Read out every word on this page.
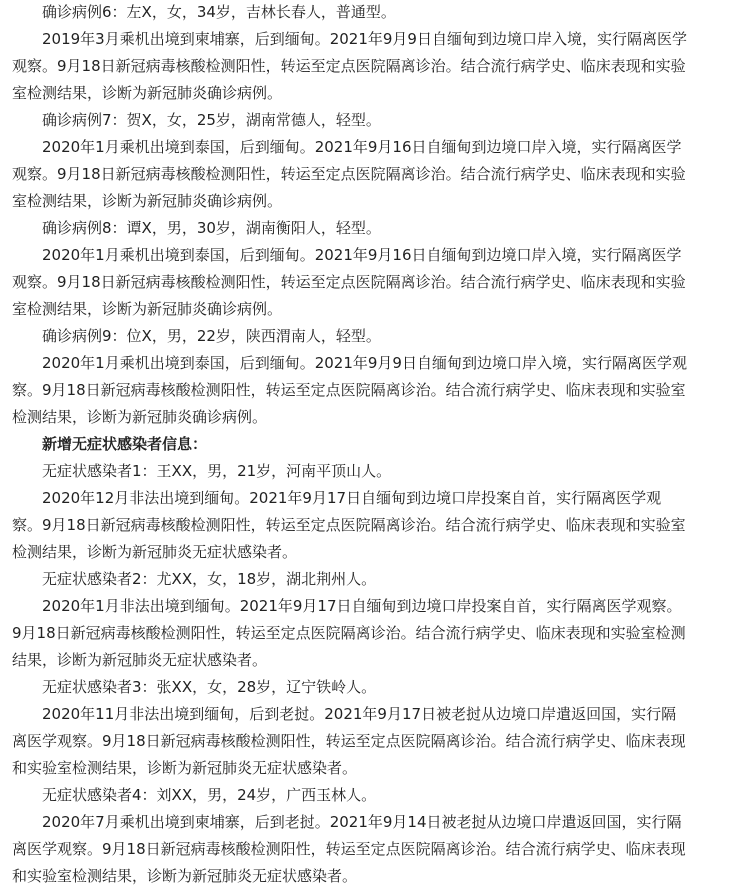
确诊病例6：左X，女，34岁，吉林长春人，普通型。

2019年3月乘机出境到柬埔寨，后到缅甸。2021年9月9日自缅甸到边境口岸入境，实行隔离医学观察。9月18日新冠病毒核酸检测阳性，转运至定点医院隔离诊治。结合流行病学史、临床表现和实验室检测结果，诊断为新冠肺炎确诊病例。

确诊病例7：贺X，女，25岁，湖南常德人，轻型。

2020年1月乘机出境到泰国，后到缅甸。2021年9月16日自缅甸到边境口岸入境，实行隔离医学观察。9月18日新冠病毒核酸检测阳性，转运至定点医院隔离诊治。结合流行病学史、临床表现和实验室检测结果，诊断为新冠肺炎确诊病例。

确诊病例8：谭X，男，30岁，湖南衡阳人，轻型。

2020年1月乘机出境到泰国，后到缅甸。2021年9月16日自缅甸到边境口岸入境，实行隔离医学观察。9月18日新冠病毒核酸检测阳性，转运至定点医院隔离诊治。结合流行病学史、临床表现和实验室检测结果，诊断为新冠肺炎确诊病例。

确诊病例9：位X，男，22岁，陕西渭南人，轻型。

2020年1月乘机出境到泰国，后到缅甸。2021年9月9日自缅甸到边境口岸入境，实行隔离医学观察。9月18日新冠病毒核酸检测阳性，转运至定点医院隔离诊治。结合流行病学史、临床表现和实验室检测结果，诊断为新冠肺炎确诊病例。

新增无症状感染者信息：

无症状感染者1：王XX，男，21岁，河南平顶山人。

2020年12月非法出境到缅甸。2021年9月17日自缅甸到边境口岸投案自首，实行隔离医学观察。9月18日新冠病毒核酸检测阳性，转运至定点医院隔离诊治。结合流行病学史、临床表现和实验室检测结果，诊断为新冠肺炎无症状感染者。

无症状感染者2：尤XX，女，18岁，湖北荆州人。

2020年1月非法出境到缅甸。2021年9月17日自缅甸到边境口岸投案自首，实行隔离医学观察。9月18日新冠病毒核酸检测阳性，转运至定点医院隔离诊治。结合流行病学史、临床表现和实验室检测结果，诊断为新冠肺炎无症状感染者。

无症状感染者3：张XX，女，28岁，辽宁铁岭人。

2020年11月非法出境到缅甸，后到老挝。2021年9月17日被老挝从边境口岸遣返回国，实行隔离医学观察。9月18日新冠病毒核酸检测阳性，转运至定点医院隔离诊治。结合流行病学史、临床表现和实验室检测结果，诊断为新冠肺炎无症状感染者。

无症状感染者4：刘XX，男，24岁，广西玉林人。

2020年7月乘机出境到柬埔寨，后到老挝。2021年9月14日被老挝从边境口岸遣返回国，实行隔离医学观察。9月18日新冠病毒核酸检测阳性，转运至定点医院隔离诊治。结合流行病学史、临床表现和实验室检测结果，诊断为新冠肺炎无症状感染者。
